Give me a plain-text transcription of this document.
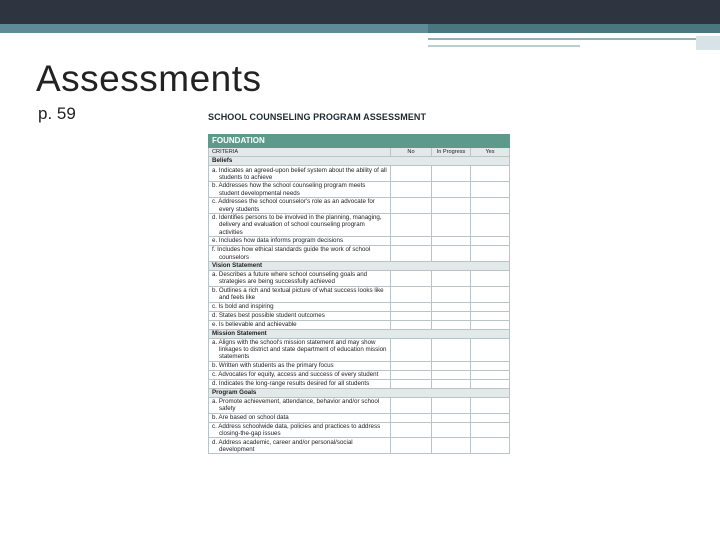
Assessments
p. 59	SCHOOL COUNSELING PROGRAM ASSESSMENT
FOUNDATION			
CRITERIA	No	In Progress	Yes
Beliefs			
a. Indicates an agreed-upon belief system about the ability of all students to achieve			
b. Addresses how the school counseling program meets student developmental needs			
c. Addresses the school counselor's role as an advocate for every students			
d. Identifies persons to be involved in the planning, managing, delivery and evaluation of school counseling program activities			
e. Includes how data informs program decisions			
f. Includes how ethical standards guide the work of school counselors			
Vision Statement			
a. Describes a future where school counseling goals and strategies are being successfully achieved			
b. Outlines a rich and textual picture of what success looks like and feels like			
c. Is bold and inspiring			
d. States best possible student outcomes			
e. Is believable and achievable			
Mission Statement			
a. Aligns with the school's mission statement and may show linkages to district and state department of education mission statements			
b. Written with students as the primary focus			
c. Advocates for equity, access and success of every student			
d. Indicates the long-range results desired for all students			
Program Goals			
a. Promote achievement, attendance, behavior and/or school safety			
b. Are based on school data			
c. Address schoolwide data, policies and practices to address closing-the-gap issues			
d. Address academic, career and/or personal/social development			
